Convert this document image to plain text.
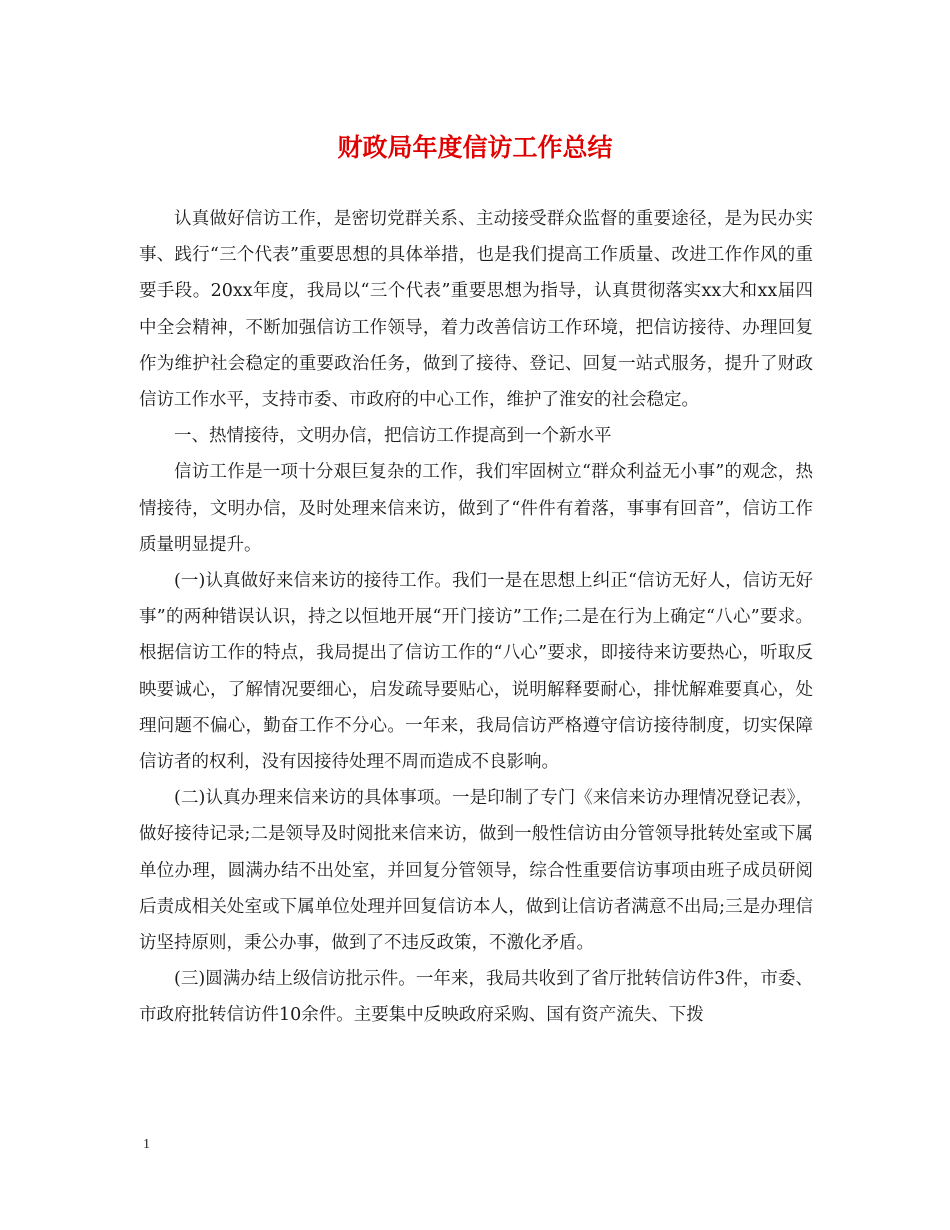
财政局年度信访工作总结

认真做好信访工作，是密切党群关系、主动接受群众监督的重要途径，是为民办实事、践行“三个代表”重要思想的具体举措，也是我们提高工作质量、改进工作作风的重要手段。20xx年度，我局以“三个代表”重要思想为指导，认真贯彻落实xx大和xx届四中全会精神，不断加强信访工作领导，着力改善信访工作环境，把信访接待、办理回复作为维护社会稳定的重要政治任务，做到了接待、登记、回复一站式服务，提升了财政信访工作水平，支持市委、市政府的中心工作，维护了淮安的社会稳定。

一、热情接待，文明办信，把信访工作提高到一个新水平

信访工作是一项十分艰巨复杂的工作，我们牢固树立“群众利益无小事”的观念，热情接待，文明办信，及时处理来信来访，做到了“件件有着落，事事有回音”，信访工作质量明显提升。

(一)认真做好来信来访的接待工作。我们一是在思想上纠正“信访无好人，信访无好事”的两种错误认识，持之以恒地开展“开门接访”工作;二是在行为上确定“八心”要求。根据信访工作的特点，我局提出了信访工作的“八心”要求，即接待来访要热心，听取反映要诚心，了解情况要细心，启发疏导要贴心，说明解释要耐心，排忧解难要真心，处理问题不偏心，勤奋工作不分心。一年来，我局信访严格遵守信访接待制度，切实保障信访者的权利，没有因接待处理不周而造成不良影响。

(二)认真办理来信来访的具体事项。一是印制了专门《来信来访办理情况登记表》，做好接待记录;二是领导及时阅批来信来访，做到一般性信访由分管领导批转处室或下属单位办理，圆满办结不出处室，并回复分管领导，综合性重要信访事项由班子成员研阅后责成相关处室或下属单位处理并回复信访本人，做到让信访者满意不出局;三是办理信访坚持原则，秉公办事，做到了不违反政策，不激化矛盾。

(三)圆满办结上级信访批示件。一年来，我局共收到了省厅批转信访件3件，市委、市政府批转信访件10余件。主要集中反映政府采购、国有资产流失、下拨

1
